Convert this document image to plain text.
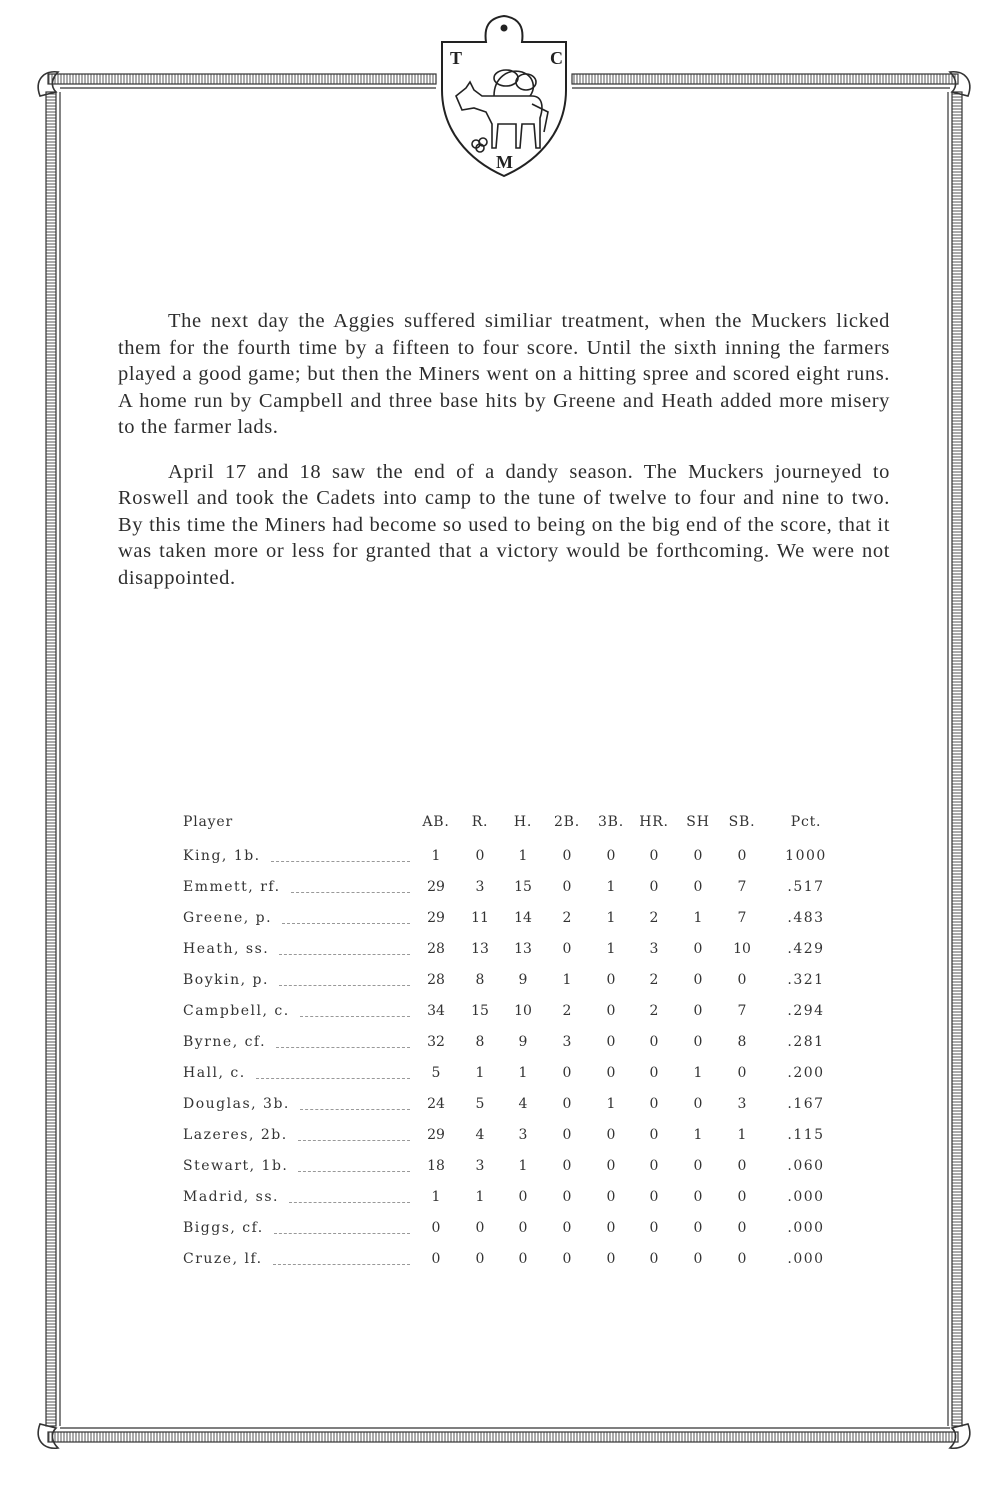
T	C
M

The next day the Aggies suffered similiar treatment, when the Muckers licked them for the fourth time by a fifteen to four score. Until the sixth inning the farmers played a good game; but then the Miners went on a hitting spree and scored eight runs. A home run by Campbell and three base hits by Greene and Heath added more misery to the farmer lads.

April 17 and 18 saw the end of a dandy season. The Muckers journeyed to Roswell and took the Cadets into camp to the tune of twelve to four and nine to two. By this time the Miners had become so used to being on the big end of the score, that it was taken more or less for granted that a victory would be forthcoming. We were not disappointed.

Player	AB.	R.	H.	2B.	3B.	HR.	SH	SB.	Pct.
King, 1b.	1	0	1	0	0	0	0	0	1000
Emmett, rf.	29	3	15	0	1	0	0	7	.517
Greene, p.	29	11	14	2	1	2	1	7	.483
Heath, ss.	28	13	13	0	1	3	0	10	.429
Boykin, p.	28	8	9	1	0	2	0	0	.321
Campbell, c.	34	15	10	2	0	2	0	7	.294
Byrne, cf.	32	8	9	3	0	0	0	8	.281
Hall, c.	5	1	1	0	0	0	1	0	.200
Douglas, 3b.	24	5	4	0	1	0	0	3	.167
Lazeres, 2b.	29	4	3	0	0	0	1	1	.115
Stewart, 1b.	18	3	1	0	0	0	0	0	.060
Madrid, ss.	1	1	0	0	0	0	0	0	.000
Biggs, cf.	0	0	0	0	0	0	0	0	.000
Cruze, lf.	0	0	0	0	0	0	0	0	.000
